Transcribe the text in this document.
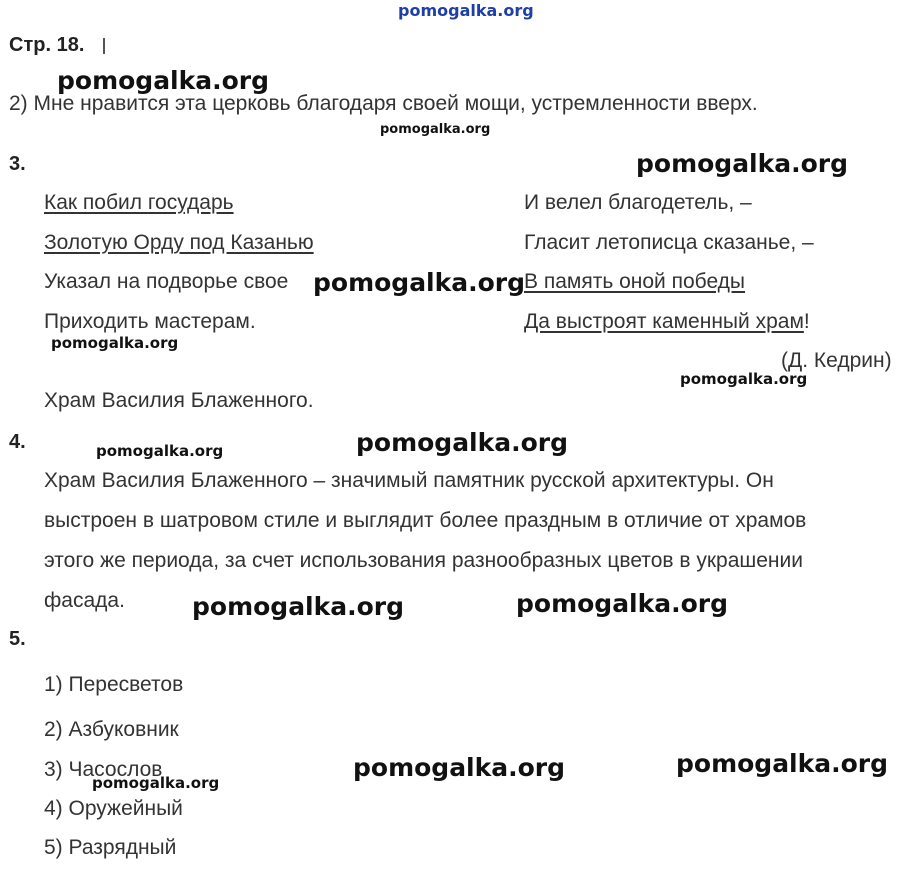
pomogalka.org
Стр. 18.
2) Мне нравится эта церковь благодаря своей мощи, устремленности вверх.
3.
Как побил государь
Золотую Орду под Казанью
Указал на подворье свое
Приходить мастерам.
И велел благодетель, –
Гласит летописца сказанье, –
В память оной победы
Да выстроят каменный храм!
(Д. Кедрин)
Храм Василия Блаженного.
4.
Храм Василия Блаженного – значимый памятник русской архитектуры. Он
выстроен в шатровом стиле и выглядит более праздным в отличие от храмов
этого же периода, за счет использования разнообразных цветов в украшении
фасада.
5.
1) Пересветов
2) Азбуковник
3) Часослов
4) Оружейный
5) Разрядный
pomogalka.org
pomogalka.org
pomogalka.org
pomogalka.org
pomogalka.org
pomogalka.org
pomogalka.org	pomogalka.org
pomogalka.org	pomogalka.org
pomogalka.org	pomogalka.org
pomogalka.org
